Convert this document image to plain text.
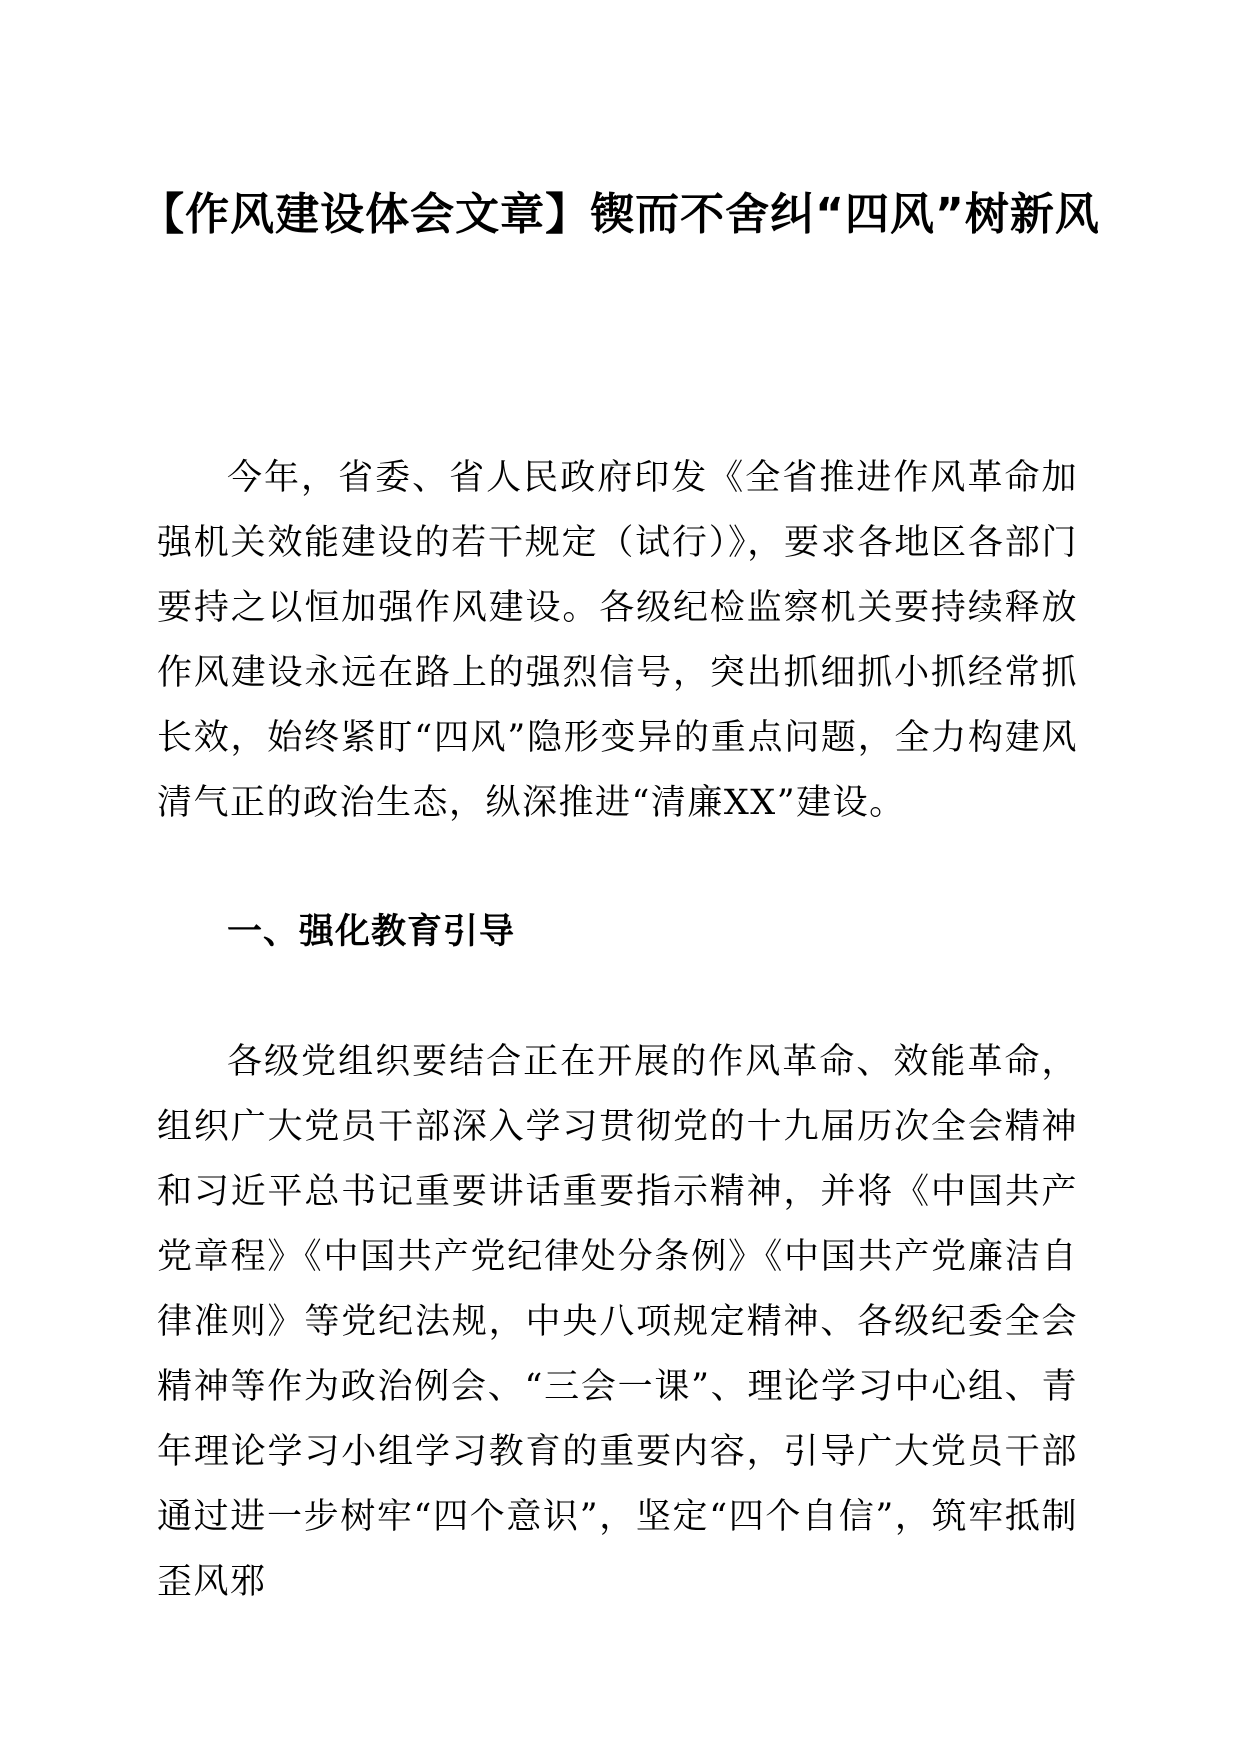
【作风建设体会文章】锲而不舍纠“四风”树新风

今年，省委、省人民政府印发《全省推进作风革命加强机关效能建设的若干规定（试行）》，要求各地区各部门要持之以恒加强作风建设。各级纪检监察机关要持续释放作风建设永远在路上的强烈信号，突出抓细抓小抓经常抓长效，始终紧盯“四风”隐形变异的重点问题，全力构建风清气正的政治生态，纵深推进“清廉XX”建设。

一、强化教育引导

各级党组织要结合正在开展的作风革命、效能革命，组织广大党员干部深入学习贯彻党的十九届历次全会精神和习近平总书记重要讲话重要指示精神，并将《中国共产党章程》《中国共产党纪律处分条例》《中国共产党廉洁自律准则》等党纪法规，中央八项规定精神、各级纪委全会精神等作为政治例会、“三会一课”、理论学习中心组、青年理论学习小组学习教育的重要内容，引导广大党员干部通过进一步树牢“四个意识”，坚定“四个自信”，筑牢抵制歪风邪
